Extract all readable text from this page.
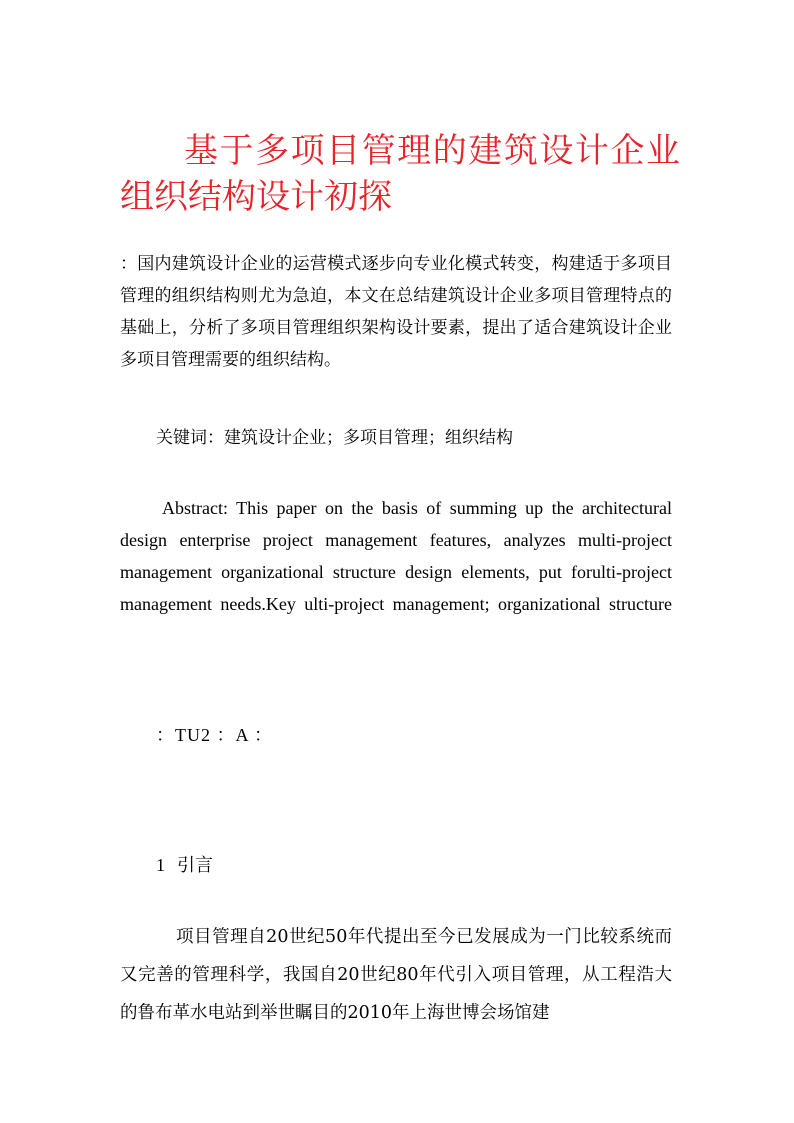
基于多项目管理的建筑设计企业组织结构设计初探
：国内建筑设计企业的运营模式逐步向专业化模式转变，构建适于多项目管理的组织结构则尤为急迫，本文在总结建筑设计企业多项目管理特点的基础上，分析了多项目管理组织架构设计要素，提出了适合建筑设计企业多项目管理需要的组织结构。
关键词：建筑设计企业；多项目管理；组织结构
Abstract: This paper on the basis of summing up the architectural design enterprise project management features, analyzes multi-project management organizational structure design elements, put forulti-project management needs.Key ulti-project management; organizational structure
：TU2 ：A ：
1 引言
项目管理自20世纪50年代提出至今已发展成为一门比较系统而又完善的管理科学，我国自20世纪80年代引入项目管理，从工程浩大的鲁布革水电站到举世瞩目的2010年上海世博会场馆建
